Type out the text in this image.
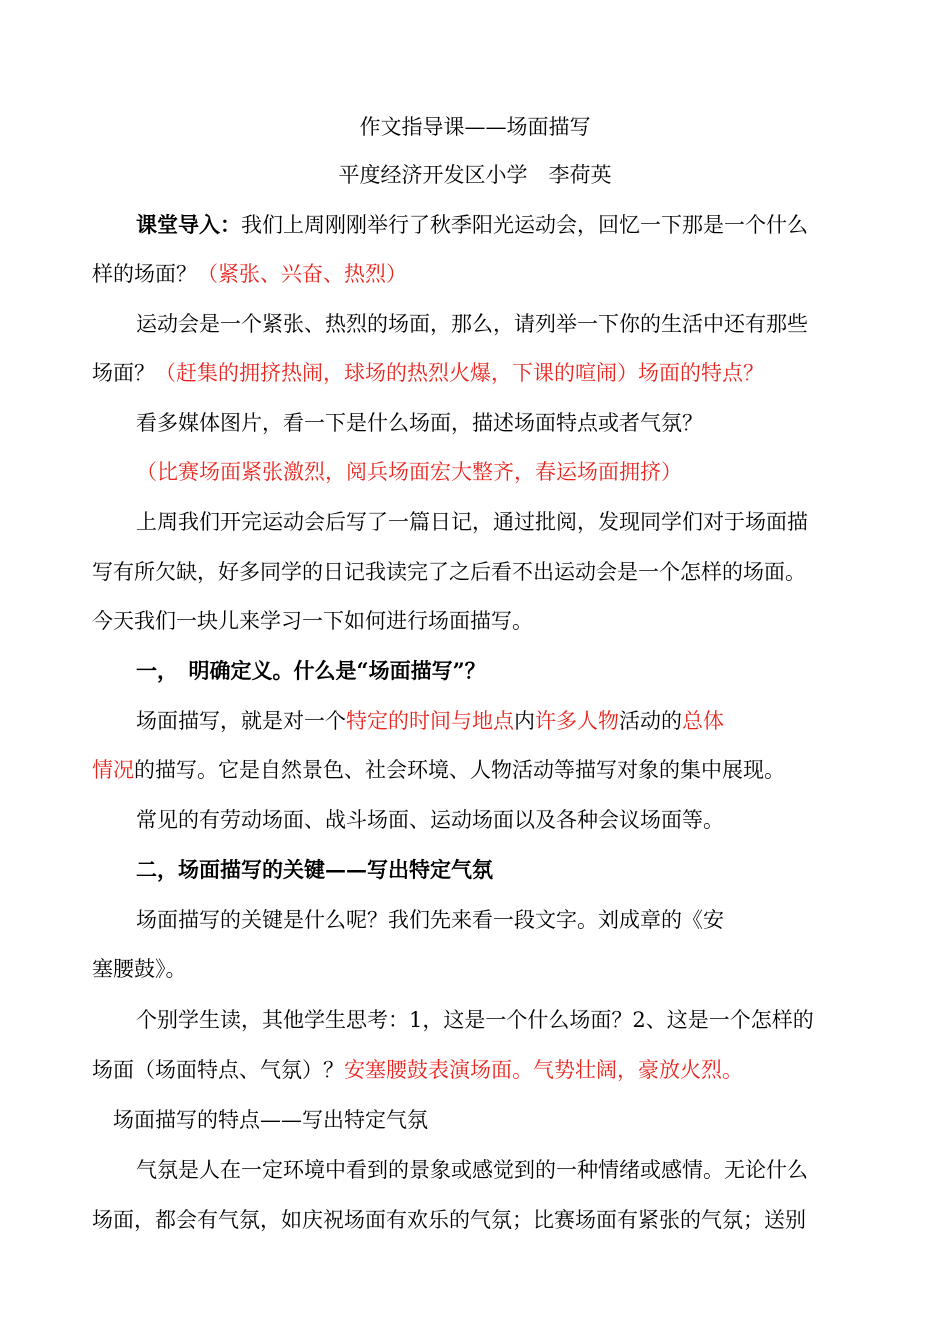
作文指导课——场面描写
平度经济开发区小学　李荷英
课堂导入：我们上周刚刚举行了秋季阳光运动会，回忆一下那是一个什么
样的场面？（紧张、兴奋、热烈）
运动会是一个紧张、热烈的场面，那么，请列举一下你的生活中还有那些
场面？（赶集的拥挤热闹，球场的热烈火爆，下课的喧闹）场面的特点？
看多媒体图片，看一下是什么场面，描述场面特点或者气氛？
（比赛场面紧张激烈，阅兵场面宏大整齐，春运场面拥挤）
上周我们开完运动会后写了一篇日记，通过批阅，发现同学们对于场面描
写有所欠缺，好多同学的日记我读完了之后看不出运动会是一个怎样的场面。
今天我们一块儿来学习一下如何进行场面描写。
一，　明确定义。什么是“场面描写”？
场面描写，就是对一个特定的时间与地点内许多人物活动的总体
情况的描写。它是自然景色、社会环境、人物活动等描写对象的集中展现。
常见的有劳动场面、战斗场面、运动场面以及各种会议场面等。
二，场面描写的关键——写出特定气氛
场面描写的关键是什么呢？我们先来看一段文字。刘成章的《安
塞腰鼓》。
个别学生读，其他学生思考：1，这是一个什么场面？2、这是一个怎样的
场面（场面特点、气氛）？安塞腰鼓表演场面。气势壮阔，豪放火烈。
场面描写的特点——写出特定气氛
气氛是人在一定环境中看到的景象或感觉到的一种情绪或感情。无论什么
场面，都会有气氛，如庆祝场面有欢乐的气氛；比赛场面有紧张的气氛；送别
